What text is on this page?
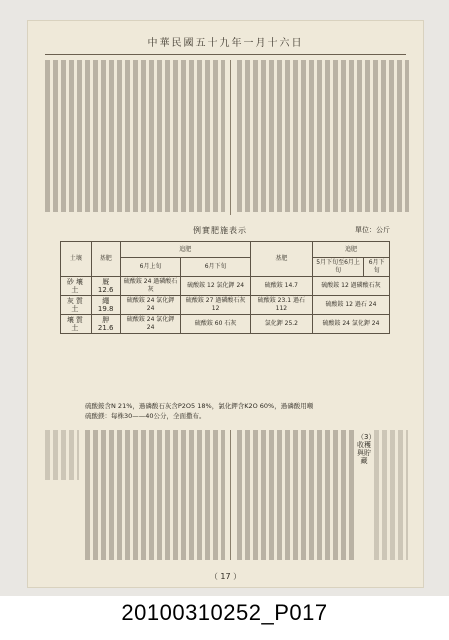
中華民國五十九年一月十六日
例實肥施表示	單位：公斤
土壤	基肥	追肥		基肥	追肥	
		6月上旬	6月下旬		5月下旬至6月上旬	6月下旬
砂壤土	厩 12.6	硫酸銨 24 過磷酸石灰	硫酸銨 12 氯化鉀 24	硫酸銨 14.7	硫酸銨 12 過磷酸石灰	
灰質土	繩 19.8	硫酸銨 24 氯化鉀 24	硫酸銨 27 過磷酸石灰 12	硫酸銨 23.1 過石 112	硫酸銨 12 過石 24	
壤質土	胛 21.6	硫酸銨 24 氯化鉀 24	硫酸銨 60 石灰	氯化鉀 25.2	硫酸銨 24 氯化鉀 24	
硫酸銨含N 21%，過磷酸石灰含P2O5 18%，氯化鉀含K2O 60%，過磷酸用噸
硫酸鎂：每株30——40公分，全面撒布。
（3）收穫與貯藏
（ 17 ）
20100310252_P017
